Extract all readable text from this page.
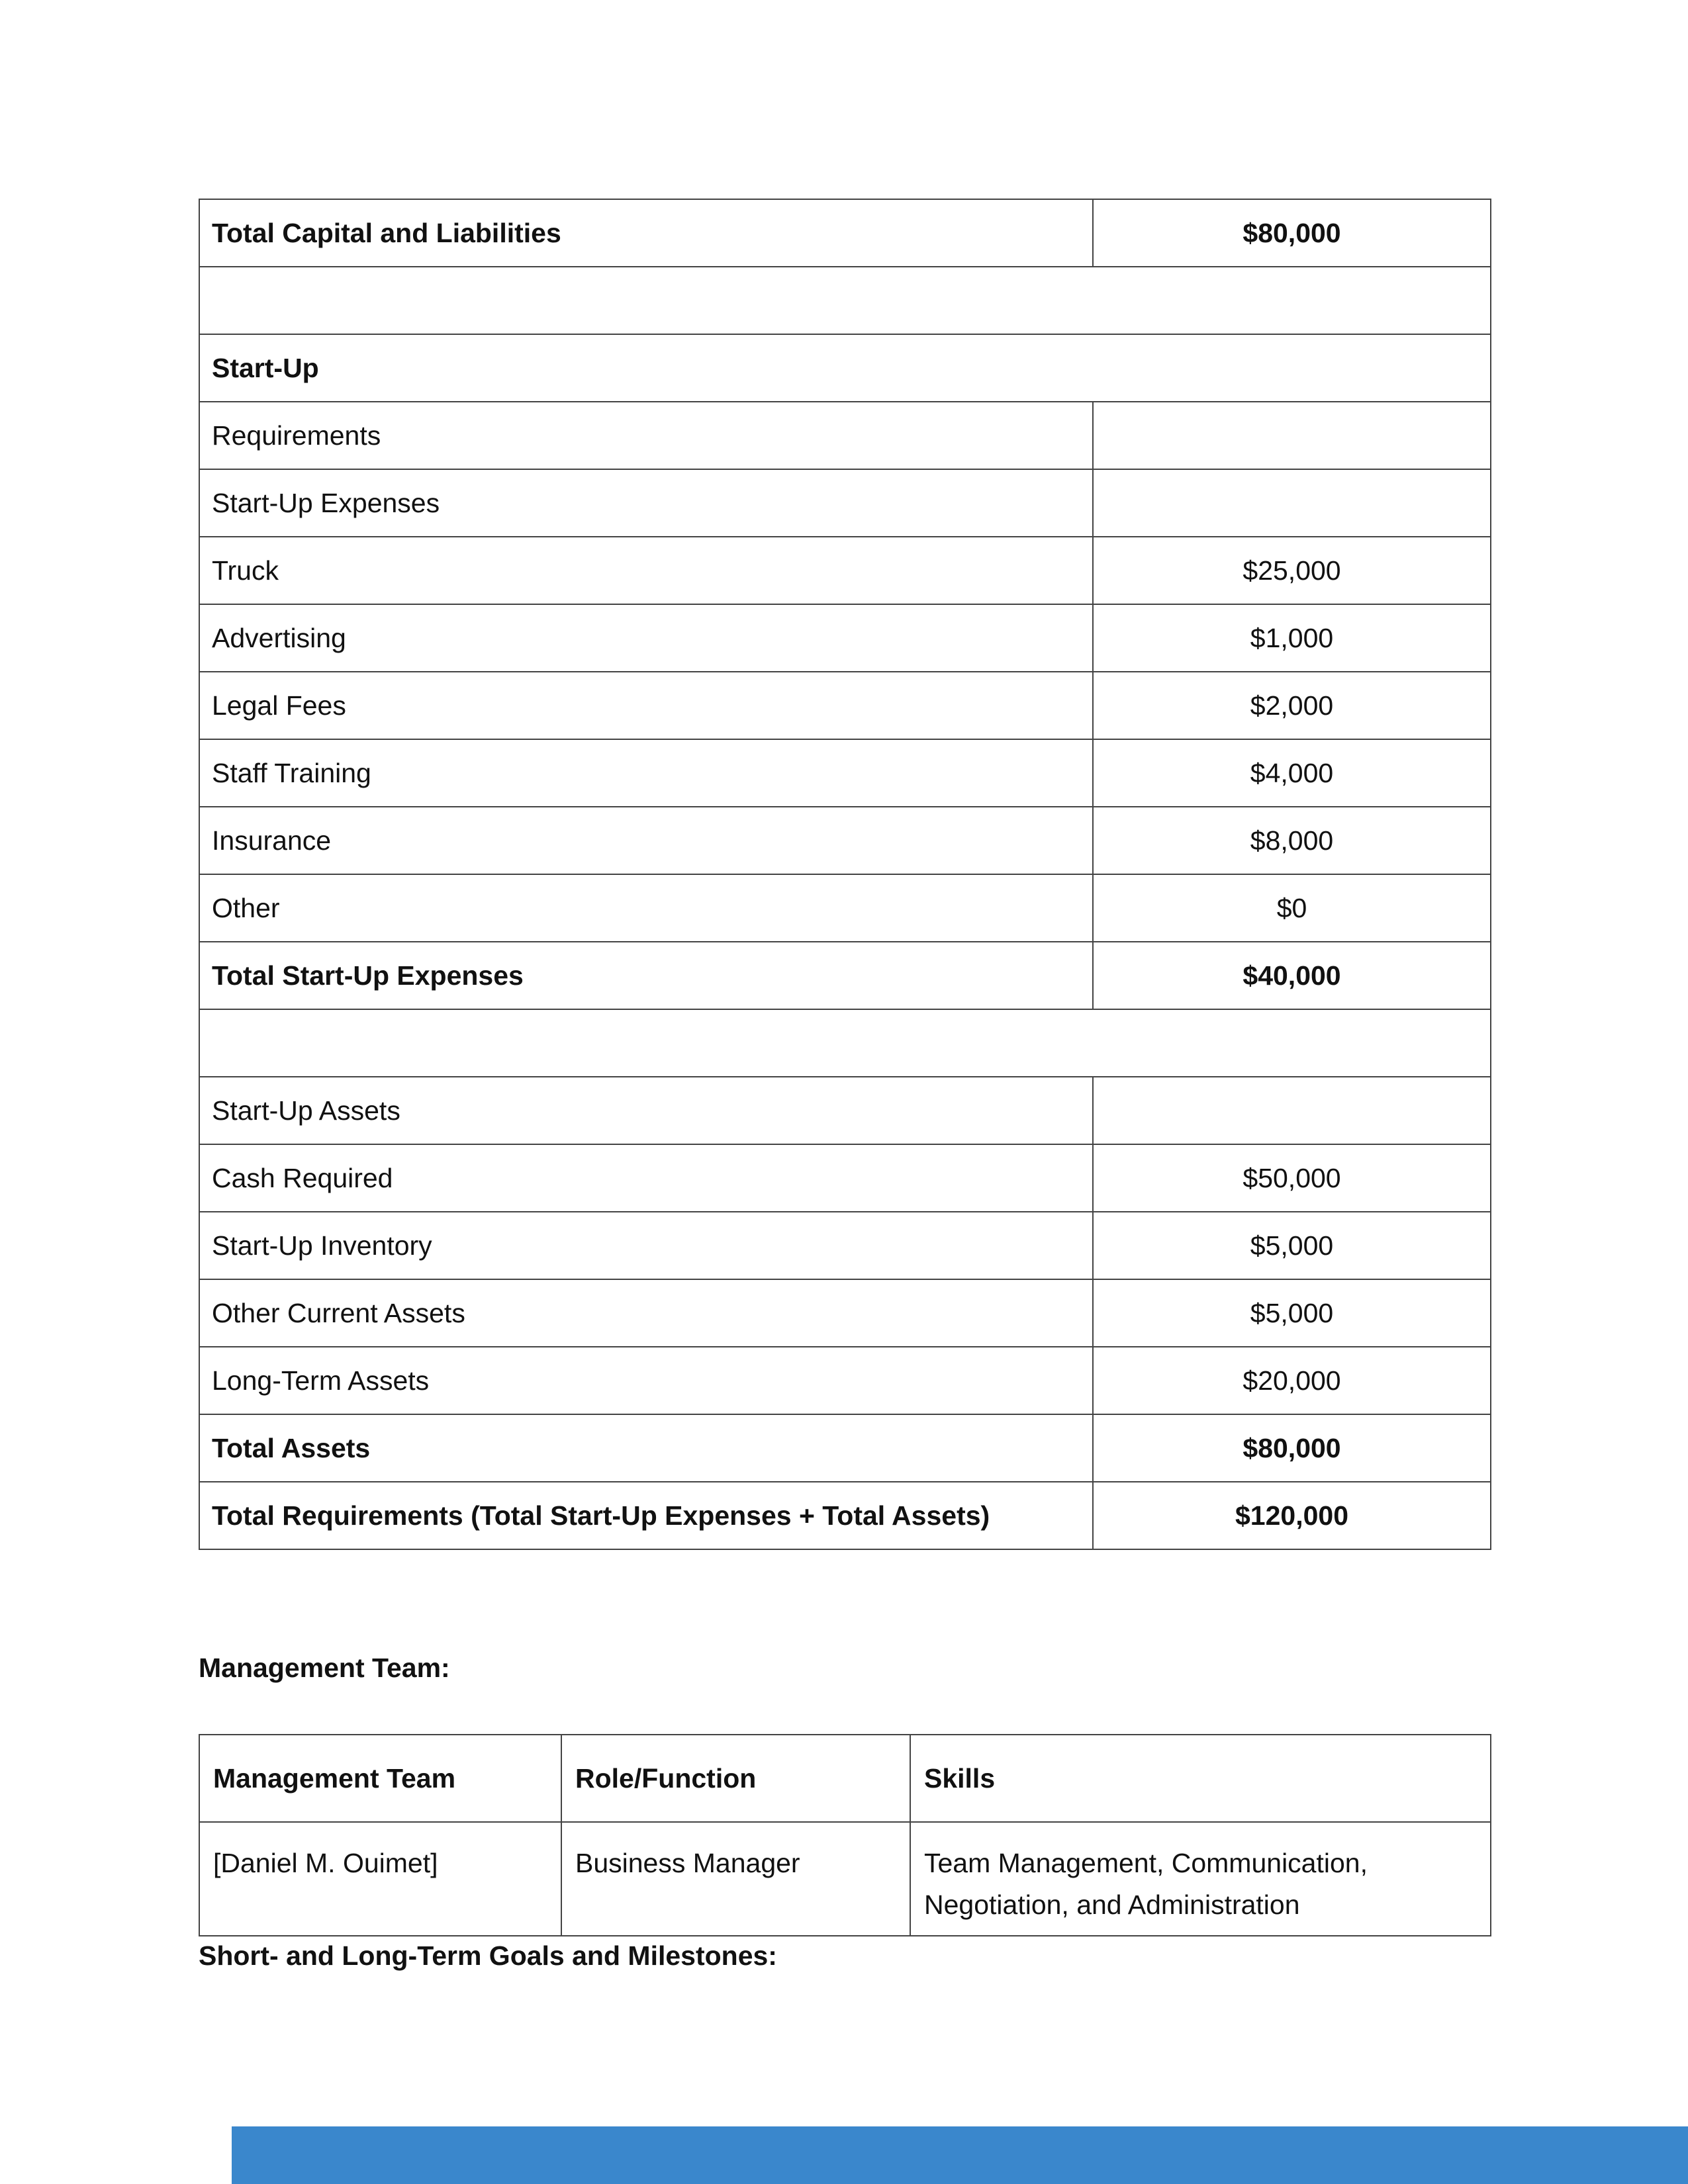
Total Capital and Liabilities	$80,000

Start-Up	
Requirements	
Start-Up Expenses	
Truck	$25,000
Advertising	$1,000
Legal Fees	$2,000
Staff Training	$4,000
Insurance	$8,000
Other	$0
Total Start-Up Expenses	$40,000

Start-Up Assets	
Cash Required	$50,000
Start-Up Inventory	$5,000
Other Current Assets	$5,000
Long-Term Assets	$20,000
Total Assets	$80,000
Total Requirements (Total Start-Up Expenses + Total Assets)	$120,000
Management Team:
Management Team	Role/Function	Skills
[Daniel M. Ouimet]	Business Manager	Team Management, Communication,
Negotiation, and Administration
Short- and Long-Term Goals and Milestones:
